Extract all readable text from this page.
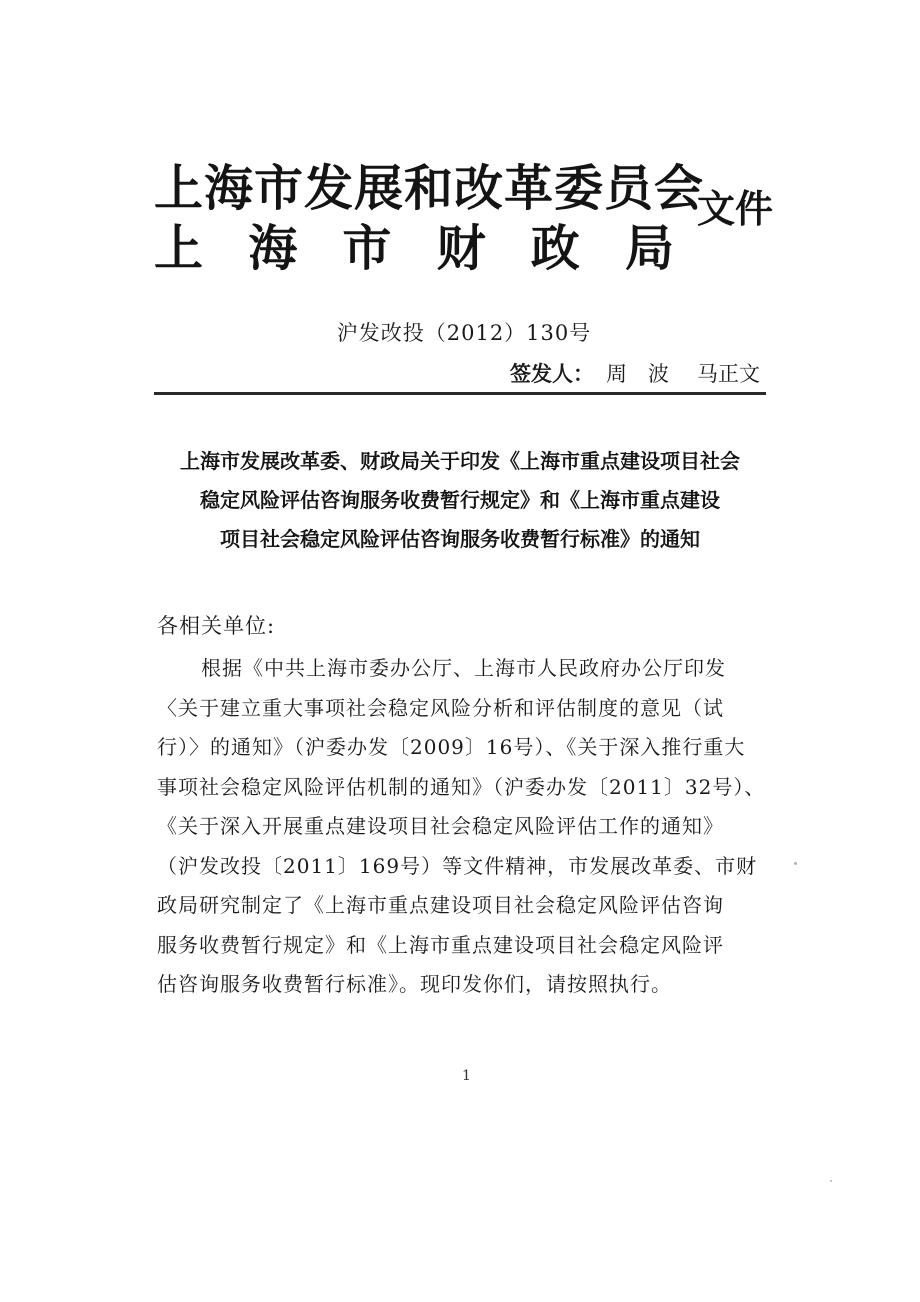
上海市发展和改革委员会
上 海 市 财 政 局
文件
沪发改投（2012）130号
签发人： 周　波 马正文
上海市发展改革委、财政局关于印发《上海市重点建设项目社会
稳定风险评估咨询服务收费暂行规定》和《上海市重点建设
项目社会稳定风险评估咨询服务收费暂行标准》的通知
各相关单位:
根据《中共上海市委办公厅、上海市人民政府办公厅印发
〈关于建立重大事项社会稳定风险分析和评估制度的意见（试
行）〉的通知》（沪委办发〔2009〕16号）、《关于深入推行重大
事项社会稳定风险评估机制的通知》（沪委办发〔2011〕32号）、
《关于深入开展重点建设项目社会稳定风险评估工作的通知》
（沪发改投〔2011〕169号）等文件精神，市发展改革委、市财
政局研究制定了《上海市重点建设项目社会稳定风险评估咨询
服务收费暂行规定》和《上海市重点建设项目社会稳定风险评
估咨询服务收费暂行标准》。现印发你们，请按照执行。
1
